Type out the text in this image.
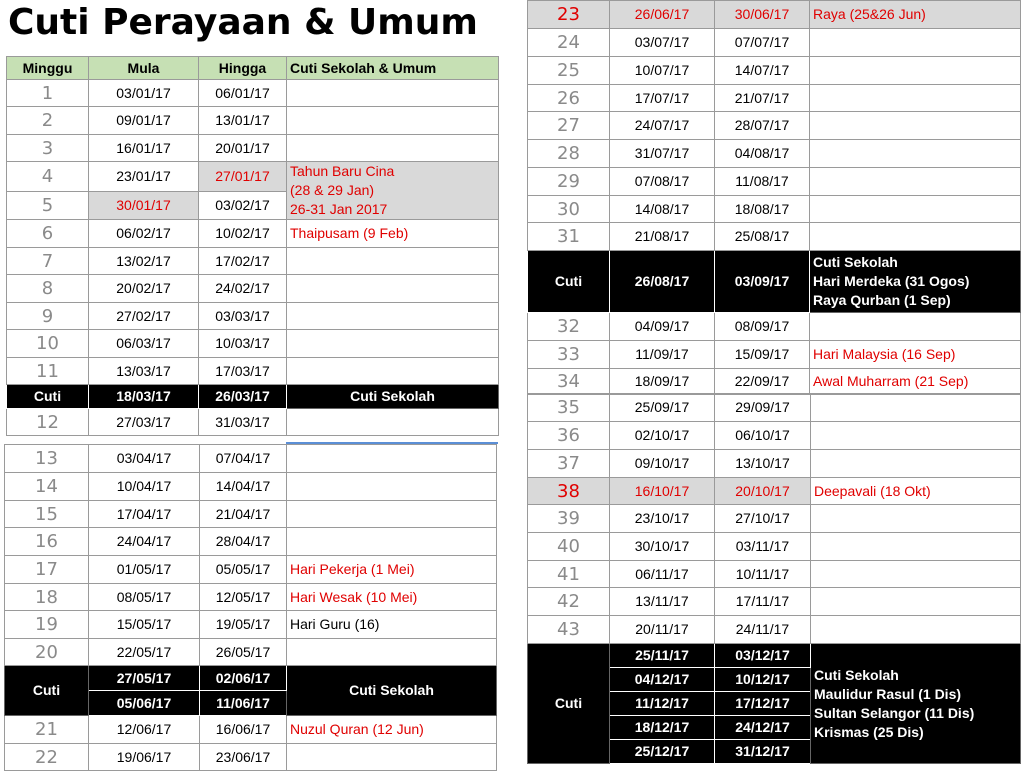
Cuti Perayaan & Umum
Minggu	Mula	Hingga	Cuti Sekolah & Umum
1	03/01/17	06/01/17	
2	09/01/17	13/01/17	
3	16/01/17	20/01/17	
4	23/01/17	27/01/17	Tahun Baru Cina
(28 & 29 Jan)
26-31 Jan 2017
5	30/01/17	03/02/17	
6	06/02/17	10/02/17	Thaipusam (9 Feb)
7	13/02/17	17/02/17	
8	20/02/17	24/02/17	
9	27/02/17	03/03/17	
10	06/03/17	10/03/17	
11	13/03/17	17/03/17	
Cuti	18/03/17	26/03/17	Cuti Sekolah
12	27/03/17	31/03/17	
13	03/04/17	07/04/17	
14	10/04/17	14/04/17	
15	17/04/17	21/04/17	
16	24/04/17	28/04/17	
17	01/05/17	05/05/17	Hari Pekerja (1 Mei)
18	08/05/17	12/05/17	Hari Wesak (10 Mei)
19	15/05/17	19/05/17	Hari Guru (16)
20	22/05/17	26/05/17	
Cuti	27/05/17	02/06/17	Cuti Sekolah
	05/06/17	11/06/17	
21	12/06/17	16/06/17	Nuzul Quran (12 Jun)
22	19/06/17	23/06/17	
23	26/06/17	30/06/17	Raya (25&26 Jun)
24	03/07/17	07/07/17	
25	10/07/17	14/07/17	
26	17/07/17	21/07/17	
27	24/07/17	28/07/17	
28	31/07/17	04/08/17	
29	07/08/17	11/08/17	
30	14/08/17	18/08/17	
31	21/08/17	25/08/17	
Cuti	26/08/17	03/09/17	Cuti Sekolah
Hari Merdeka (31 Ogos)
Raya Qurban (1 Sep)
32	04/09/17	08/09/17	
33	11/09/17	15/09/17	Hari Malaysia (16 Sep)
34	18/09/17	22/09/17	Awal Muharram (21 Sep)
35	25/09/17	29/09/17	
36	02/10/17	06/10/17	
37	09/10/17	13/10/17	
38	16/10/17	20/10/17	Deepavali (18 Okt)
39	23/10/17	27/10/17	
40	30/10/17	03/11/17	
41	06/11/17	10/11/17	
42	13/11/17	17/11/17	
43	20/11/17	24/11/17	
Cuti	25/11/17	03/12/17	Cuti Sekolah
Maulidur Rasul (1 Dis)
Sultan Selangor (11 Dis)
Krismas (25 Dis)
	04/12/17	10/12/17	
	11/12/17	17/12/17	
	18/12/17	24/12/17	
	25/12/17	31/12/17	
